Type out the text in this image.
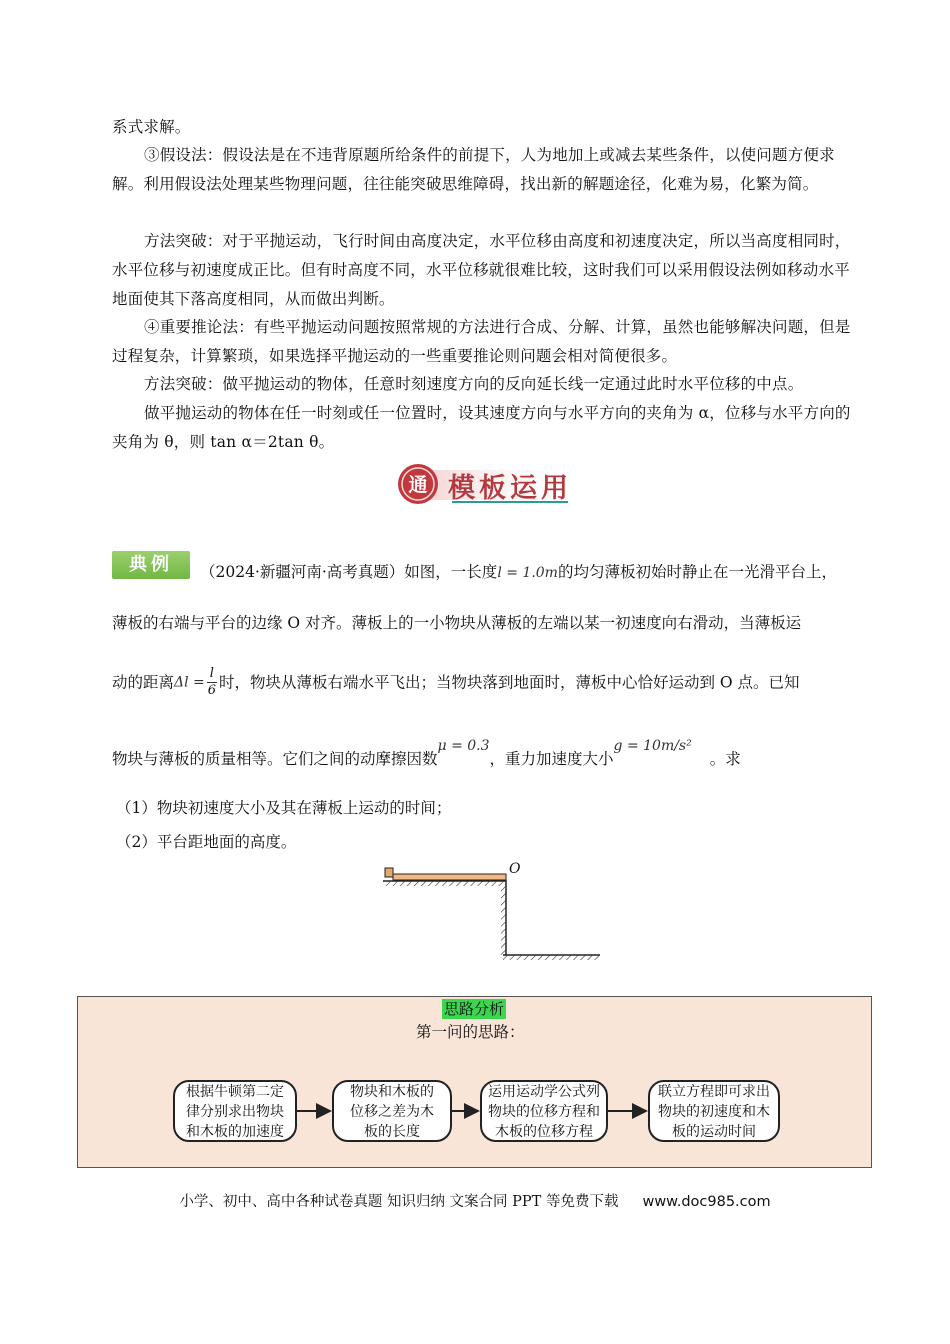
系式求解。
③假设法：假设法是在不违背原题所给条件的前提下，人为地加上或减去某些条件，以使问题方便求解。利用假设法处理某些物理问题，往往能突破思维障碍，找出新的解题途径，化难为易，化繁为简。
方法突破：对于平抛运动，飞行时间由高度决定，水平位移由高度和初速度决定，所以当高度相同时，水平位移与初速度成正比。但有时高度不同，水平位移就很难比较，这时我们可以采用假设法例如移动水平地面使其下落高度相同，从而做出判断。
④重要推论法：有些平抛运动问题按照常规的方法进行合成、分解、计算，虽然也能够解决问题，但是过程复杂，计算繁琐，如果选择平抛运动的一些重要推论则问题会相对简便很多。
方法突破：做平抛运动的物体，任意时刻速度方向的反向延长线一定通过此时水平位移的中点。
做平抛运动的物体在任一时刻或任一位置时，设其速度方向与水平方向的夹角为 α，位移与水平方向的夹角为 θ，则 tan α＝2tan θ。
通 模板运用
典例	（2024·新疆河南·高考真题）如图，一长度l = 1.0m的均匀薄板初始时静止在一光滑平台上，
薄板的右端与平台的边缘 O 对齐。薄板上的一小物块从薄板的左端以某一初速度向右滑动，当薄板运
动的距离$\Delta l = \frac{l}{6}$ 时，物块从薄板右端水平飞出；当物块落到地面时，薄板中心恰好运动到 O 点。已知
物块与薄板的质量相等。它们之间的动摩擦因数μ = 0.3，重力加速度大小g = 10m/s²。求
（1）物块初速度大小及其在薄板上运动的时间；
（2）平台距地面的高度。
O
思路分析
第一问的思路：
根据牛顿第二定
律分别求出物块
和木板的加速度
物块和木板的
位移之差为木
板的长度
运用运动学公式列
物块的位移方程和
木板的位移方程
联立方程即可求出
物块的初速度和木
板的运动时间
小学、初中、高中各种试卷真题 知识归纳 文案合同 PPT 等免费下载 www.doc985.com
